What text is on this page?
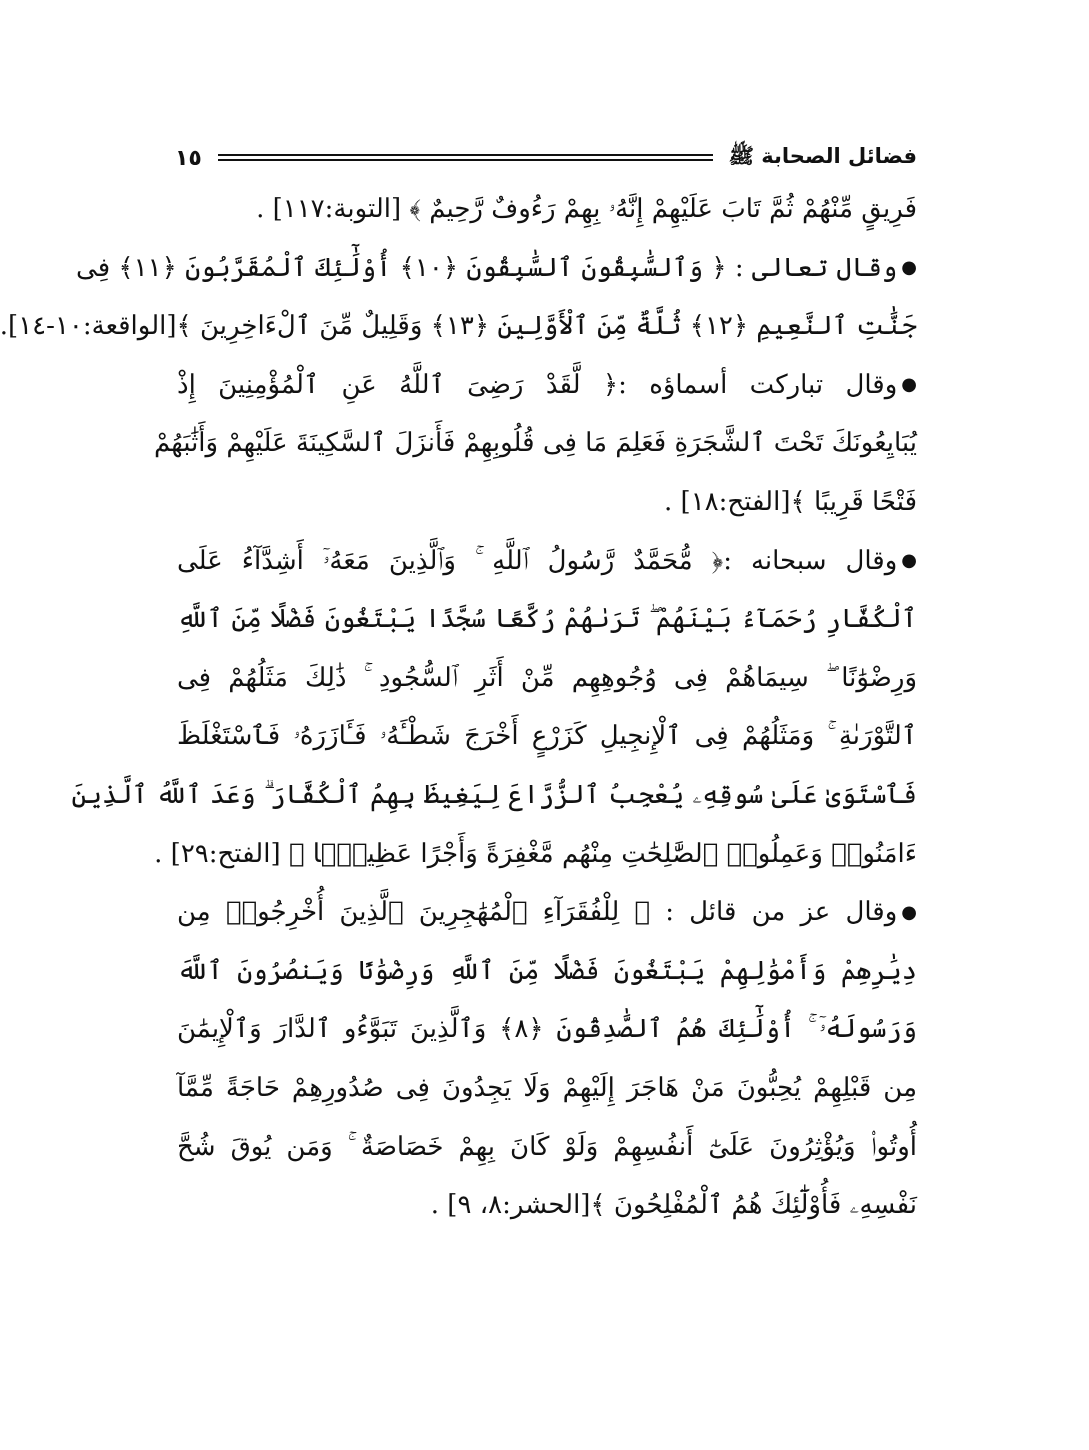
فضائل الصحابة ﷺ
١٥
فَرِيقٍ مِّنْهُمْ ثُمَّ تَابَ عَلَيْهِمْ إِنَّهُۥ بِهِمْ رَءُوفٌ رَّحِيمٌ ﴾ [التوبة:١١٧] .
●وقال تعالى : ﴿ وَٱلسَّٰبِقُونَ ٱلسَّٰبِقُونَ ﴿١٠﴾ أُوْلَٰٓئِكَ ٱلْمُقَرَّبُونَ ﴿١١﴾ فِى
جَنَّٰتِ ٱلنَّعِيمِ ﴿١٢﴾ ثُلَّةٌ مِّنَ ٱلْأَوَّلِينَ ﴿١٣﴾ وَقَلِيلٌ مِّنَ ٱلْءَاخِرِينَ ﴾[الواقعة:١٠-١٤].
●وقال تباركت أسماؤه :﴿ لَّقَدْ رَضِىَ ٱللَّهُ عَنِ ٱلْمُؤْمِنِينَ إِذْ
يُبَايِعُونَكَ تَحْتَ ٱلشَّجَرَةِ فَعَلِمَ مَا فِى قُلُوبِهِمْ فَأَنزَلَ ٱلسَّكِينَةَ عَلَيْهِمْ وَأَثَٰبَهُمْ
فَتْحًا قَرِيبًا ﴾[الفتح:١٨] .
●وقال سبحانه :﴿ مُّحَمَّدٌ رَّسُولُ ٱللَّهِ ۚ وَٱلَّذِينَ مَعَهُۥٓ أَشِدَّآءُ عَلَى
ٱلْكُفَّارِ رُحَمَآءُ بَيْنَهُمْ ۖ تَرَىٰهُمْ رُكَّعًا سُجَّدًا يَبْتَغُونَ فَضْلًا مِّنَ ٱللَّهِ
وَرِضْوَٰنًا ۖ سِيمَاهُمْ فِى وُجُوهِهِم مِّنْ أَثَرِ ٱلسُّجُودِ ۚ ذَٰلِكَ مَثَلُهُمْ فِى
ٱلتَّوْرَىٰةِ ۚ وَمَثَلُهُمْ فِى ٱلْإِنجِيلِ كَزَرْعٍ أَخْرَجَ شَطْـَٔهُۥ فَـَٔازَرَهُۥ فَٱسْتَغْلَظَ
فَٱسْتَوَىٰ عَلَىٰ سُوقِهِۦ يُعْجِبُ ٱلزُّرَّاعَ لِيَغِيظَ بِهِمُ ٱلْكُفَّارَ ۗ وَعَدَ ٱللَّهُ ٱلَّذِينَ
ءَامَنُوا۟ وَعَمِلُوا۟ ٱلصَّٰلِحَٰتِ مِنْهُم مَّغْفِرَةً وَأَجْرًا عَظِيمًۢا ﴾ [الفتح:٢٩] .
●وقال عز من قائل : ﴿ لِلْفُقَرَآءِ ٱلْمُهَٰجِرِينَ ٱلَّذِينَ أُخْرِجُوا۟ مِن
دِيَٰرِهِمْ وَأَمْوَٰلِهِمْ يَبْتَغُونَ فَضْلًا مِّنَ ٱللَّهِ وَرِضْوَٰنًا وَيَنصُرُونَ ٱللَّهَ
وَرَسُولَهُۥٓ ۚ أُوْلَٰٓئِكَ هُمُ ٱلصَّٰدِقُونَ ﴿٨﴾ وَٱلَّذِينَ تَبَوَّءُو ٱلدَّارَ وَٱلْإِيمَٰنَ
مِن قَبْلِهِمْ يُحِبُّونَ مَنْ هَاجَرَ إِلَيْهِمْ وَلَا يَجِدُونَ فِى صُدُورِهِمْ حَاجَةً مِّمَّآ
أُوتُوا۟ وَيُؤْثِرُونَ عَلَىٰٓ أَنفُسِهِمْ وَلَوْ كَانَ بِهِمْ خَصَاصَةٌ ۚ وَمَن يُوقَ شُحَّ
نَفْسِهِۦ فَأُوْلَٰٓئِكَ هُمُ ٱلْمُفْلِحُونَ ﴾[الحشر:٨، ٩] .
